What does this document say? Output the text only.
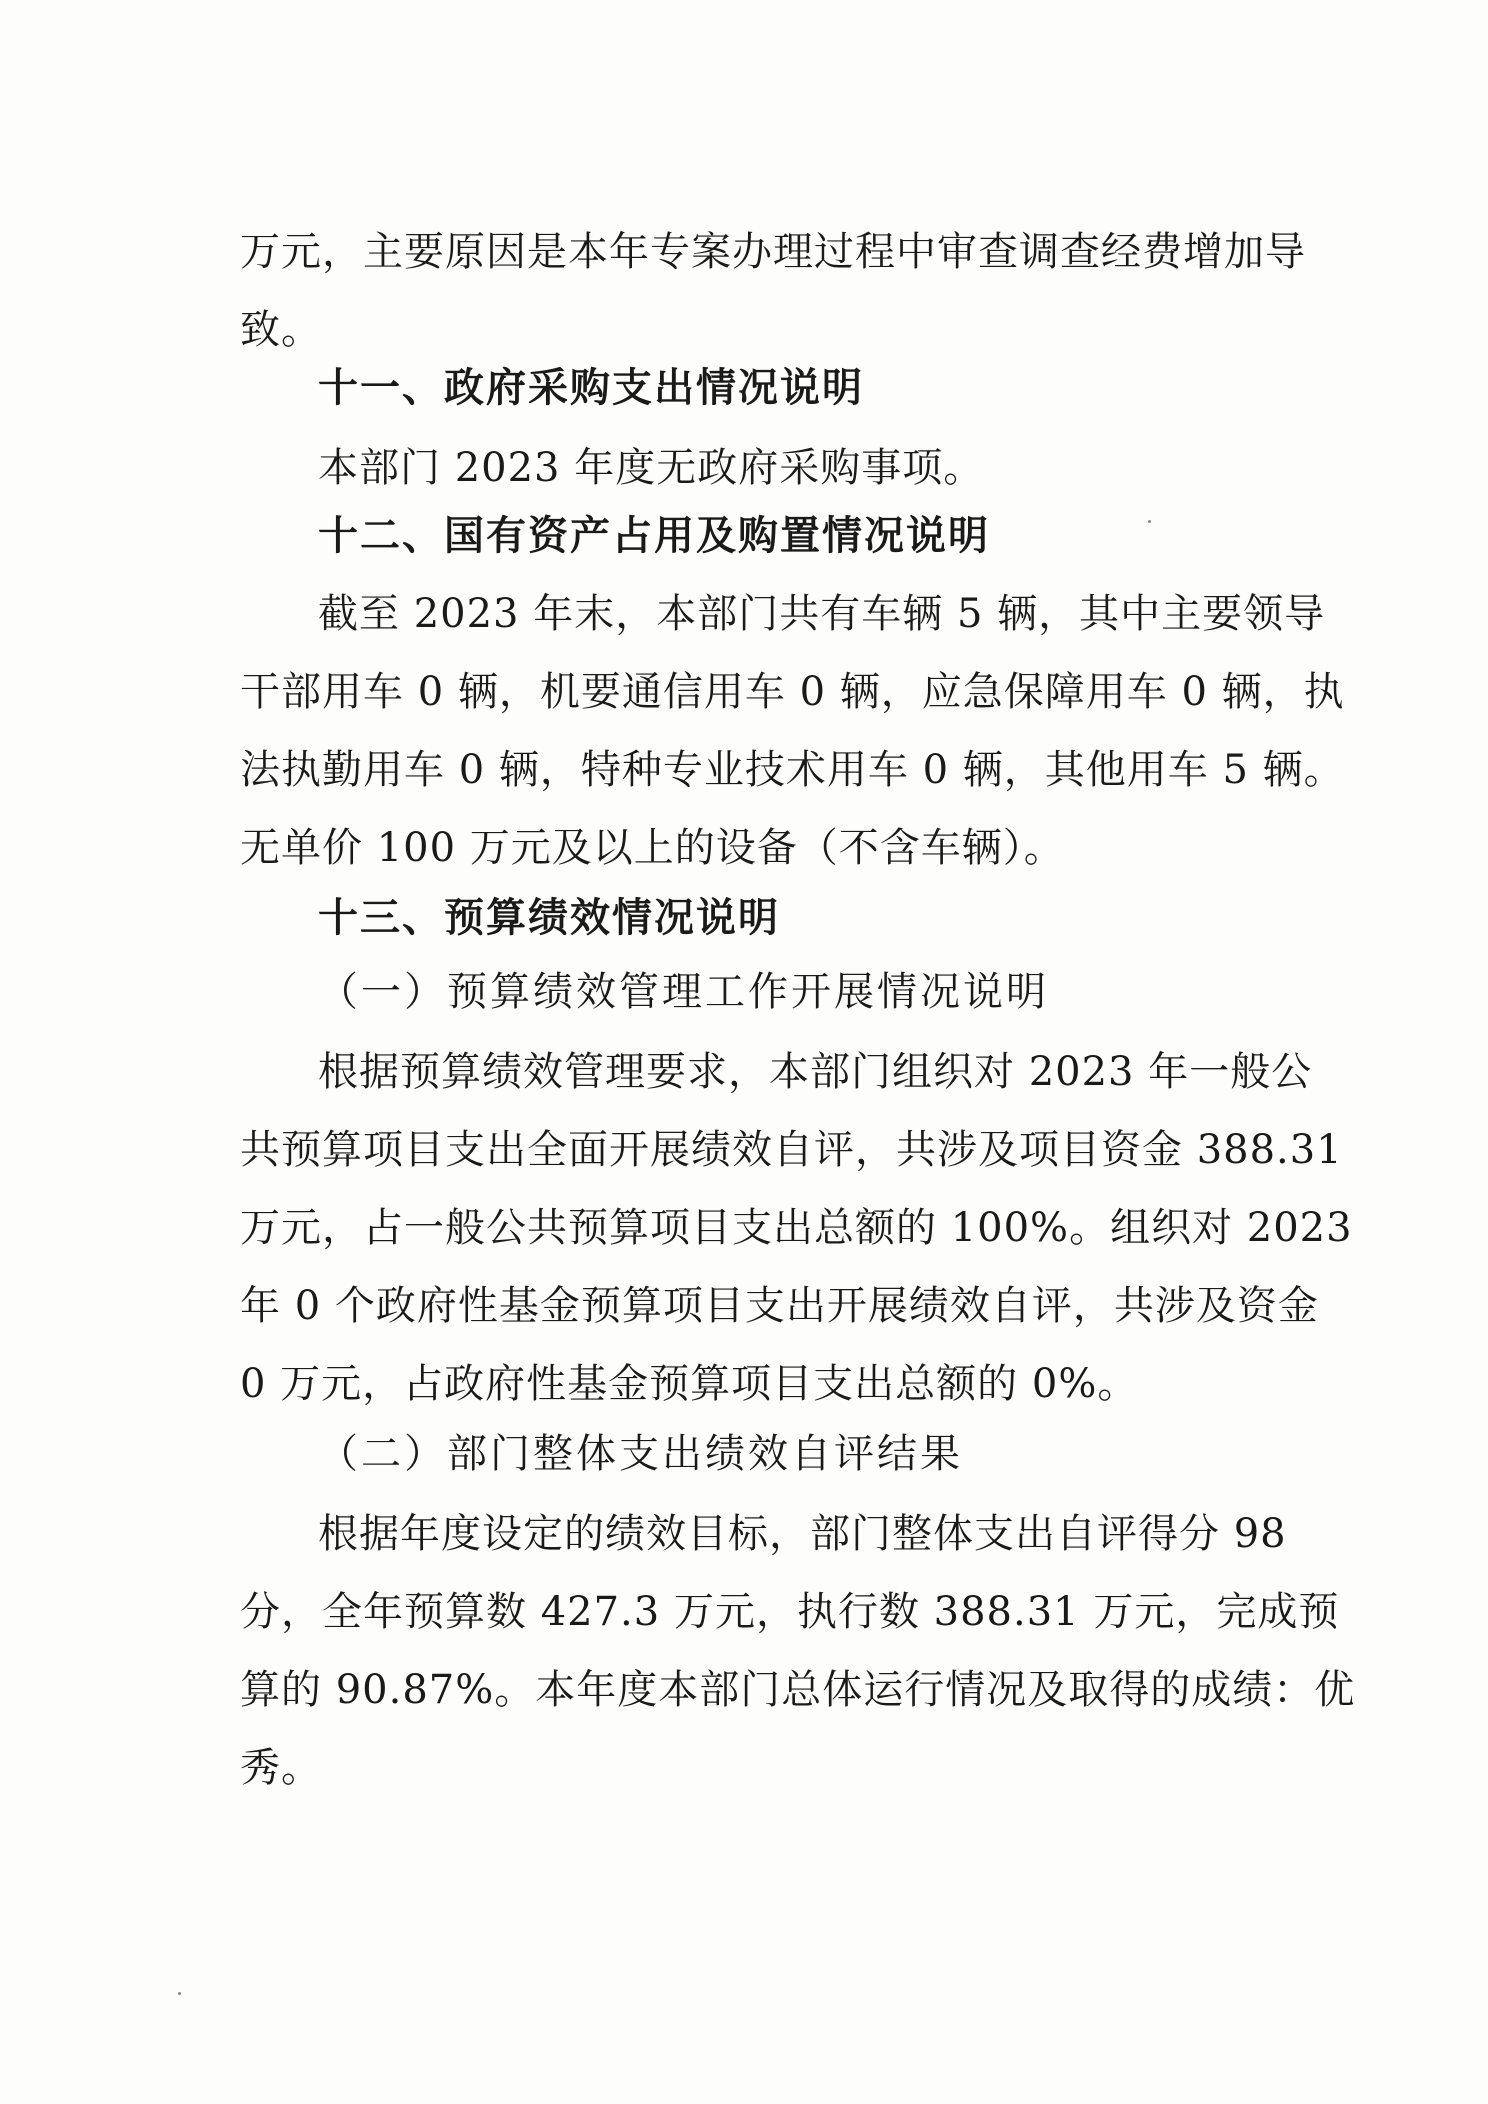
万元，主要原因是本年专案办理过程中审查调查经费增加导
致。
十一、政府采购支出情况说明
本部门 2023 年度无政府采购事项。
十二、国有资产占用及购置情况说明
截至 2023 年末，本部门共有车辆 5 辆，其中主要领导
干部用车 0 辆，机要通信用车 0 辆，应急保障用车 0 辆，执
法执勤用车 0 辆，特种专业技术用车 0 辆，其他用车 5 辆。
无单价 100 万元及以上的设备（不含车辆）。
十三、预算绩效情况说明
（一）预算绩效管理工作开展情况说明
根据预算绩效管理要求，本部门组织对 2023 年一般公
共预算项目支出全面开展绩效自评，共涉及项目资金 388.31
万元，占一般公共预算项目支出总额的 100%。组织对 2023
年 0 个政府性基金预算项目支出开展绩效自评，共涉及资金
0 万元，占政府性基金预算项目支出总额的 0%。
（二）部门整体支出绩效自评结果
根据年度设定的绩效目标，部门整体支出自评得分 98
分，全年预算数 427.3 万元，执行数 388.31 万元，完成预
算的 90.87%。本年度本部门总体运行情况及取得的成绩：优
秀。
